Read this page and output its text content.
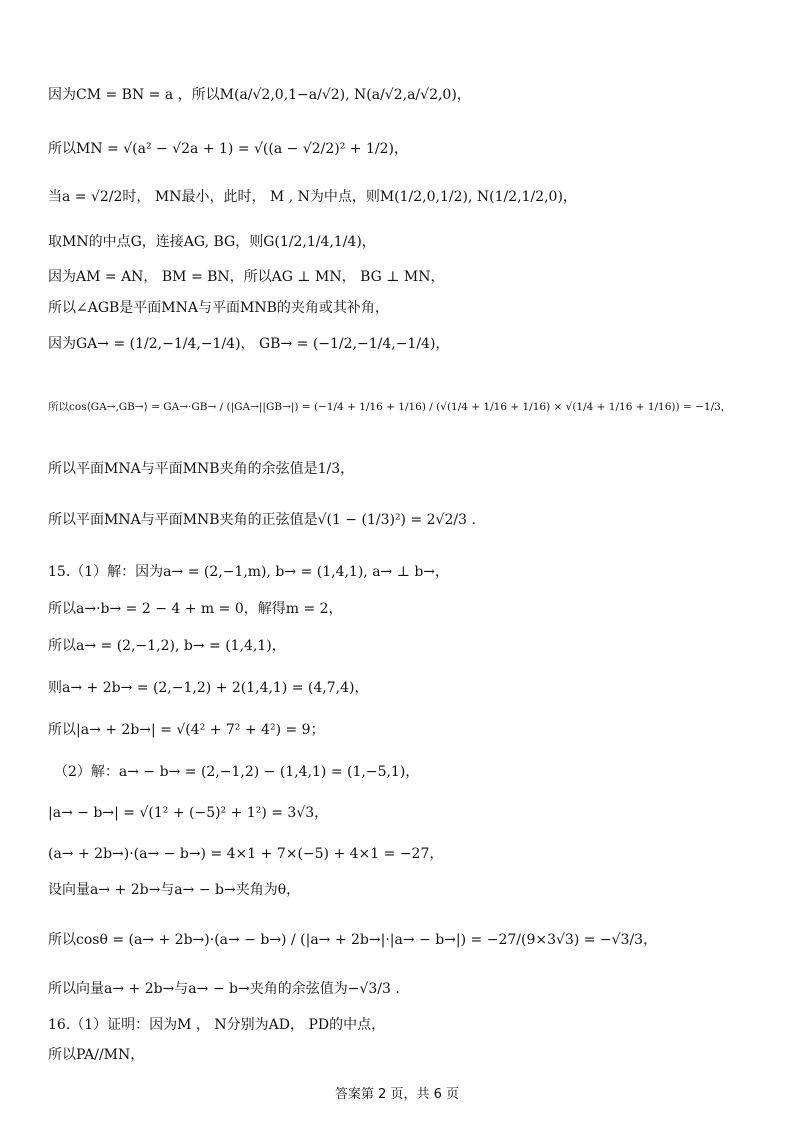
因为CM = BN = a ，所以M(a/√2,0,1−a/√2), N(a/√2,a/√2,0)，
所以MN = √(a² − √2a + 1) = √((a − √2/2)² + 1/2)，
当a = √2/2时， MN最小，此时， M , N为中点，则M(1/2,0,1/2), N(1/2,1/2,0)，
取MN的中点G，连接AG, BG，则G(1/2,1/4,1/4)，
因为AM = AN， BM = BN，所以AG ⊥ MN， BG ⊥ MN，
所以∠AGB是平面MNA与平面MNB的夹角或其补角，
因为GA→ = (1/2,−1/4,−1/4)， GB→ = (−1/2,−1/4,−1/4)，
所以cos⟨GA→,GB→⟩ = GA→·GB→ / (|GA→||GB→|) = (−1/4 + 1/16 + 1/16) / (√(1/4 + 1/16 + 1/16) × √(1/4 + 1/16 + 1/16)) = −1/3，
所以平面MNA与平面MNB夹角的余弦值是1/3，
所以平面MNA与平面MNB夹角的正弦值是√(1 − (1/3)²) = 2√2/3 .
15.（1）解：因为a→ = (2,−1,m), b→ = (1,4,1), a→ ⊥ b→，
所以a→·b→ = 2 − 4 + m = 0，解得m = 2，
所以a→ = (2,−1,2), b→ = (1,4,1)，
则a→ + 2b→ = (2,−1,2) + 2(1,4,1) = (4,7,4)，
所以|a→ + 2b→| = √(4² + 7² + 4²) = 9；
（2）解：a→ − b→ = (2,−1,2) − (1,4,1) = (1,−5,1)，
|a→ − b→| = √(1² + (−5)² + 1²) = 3√3，
(a→ + 2b→)·(a→ − b→) = 4×1 + 7×(−5) + 4×1 = −27，
设向量a→ + 2b→与a→ − b→夹角为θ，
所以cosθ = (a→ + 2b→)·(a→ − b→) / (|a→ + 2b→|·|a→ − b→|) = −27/(9×3√3) = −√3/3，
所以向量a→ + 2b→与a→ − b→夹角的余弦值为−√3/3 .
16.（1）证明：因为M ， N分别为AD， PD的中点，
所以PA//MN，
答案第 2 页，共 6 页
